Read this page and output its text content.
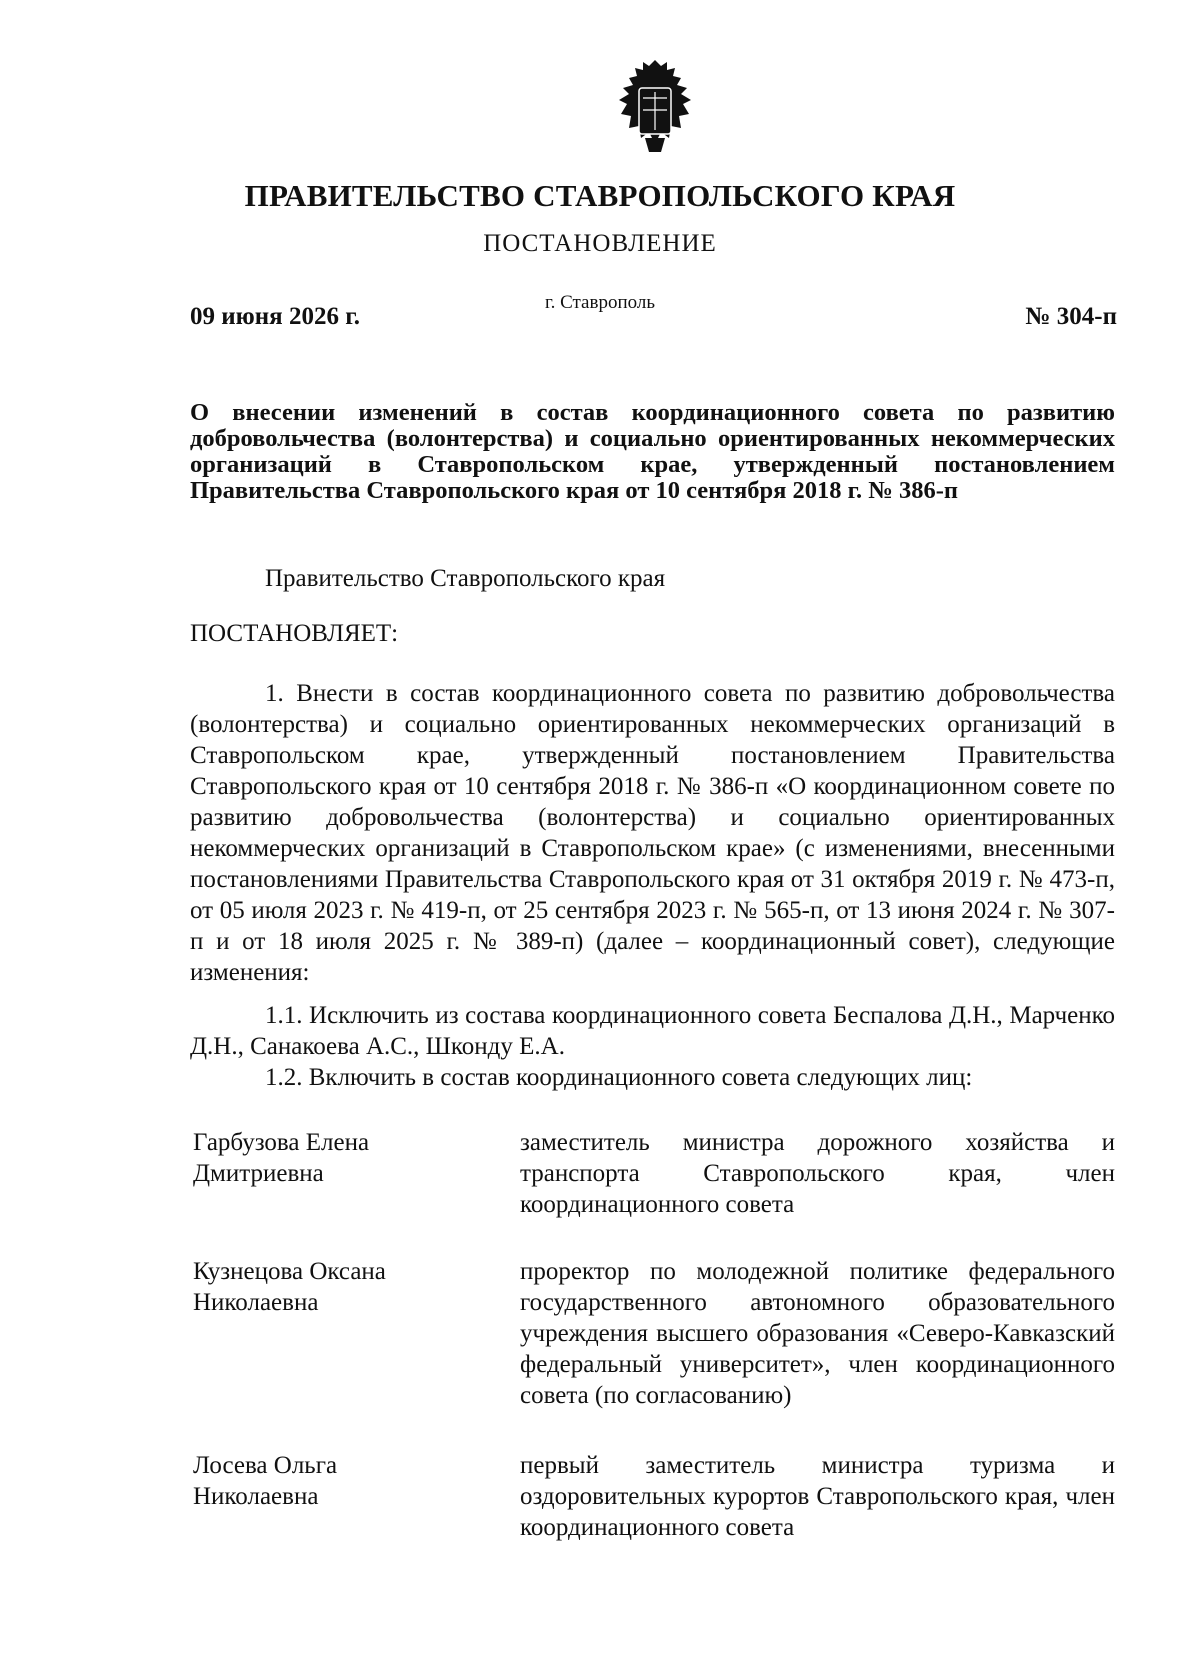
ПРАВИТЕЛЬСТВО СТАВРОПОЛЬСКОГО КРАЯ
ПОСТАНОВЛЕНИЕ
г. Ставрополь
09 июня 2026 г.	№ 304-п
О внесении изменений в состав координационного совета по развитию добровольчества (волонтерства) и социально ориентированных некоммерческих организаций в Ставропольском крае, утвержденный постановлением Правительства Ставропольского края от 10 сентября 2018 г. № 386-п
Правительство Ставропольского края
ПОСТАНОВЛЯЕТ:
1. Внести в состав координационного совета по развитию добровольчества (волонтерства) и социально ориентированных некоммерческих организаций в Ставропольском крае, утвержденный постановлением Правительства Ставропольского края от 10 сентября 2018 г. № 386-п «О координационном совете по развитию добровольчества (волонтерства) и социально ориентированных некоммерческих организаций в Ставропольском крае» (с изменениями, внесенными постановлениями Правительства Ставропольского края от 31 октября 2019 г. № 473-п, от 05 июля 2023 г. № 419-п, от 25 сентября 2023 г. № 565-п, от 13 июня 2024 г. № 307-п и от 18 июля 2025 г. № 389-п) (далее – координационный совет), следующие изменения:
1.1. Исключить из состава координационного совета Беспалова Д.Н., Марченко Д.Н., Санакоева А.С., Шконду Е.А.
1.2. Включить в состав координационного совета следующих лиц:
Гарбузова Елена Дмитриевна
заместитель министра дорожного хозяйства и транспорта Ставропольского края, член координационного совета
Кузнецова Оксана Николаевна
проректор по молодежной политике федерального государственного автономного образовательного учреждения высшего образования «Северо-Кавказский федеральный университет», член координационного совета (по согласованию)
Лосева Ольга Николаевна
первый заместитель министра туризма и оздоровительных курортов Ставропольского края, член координационного совета
